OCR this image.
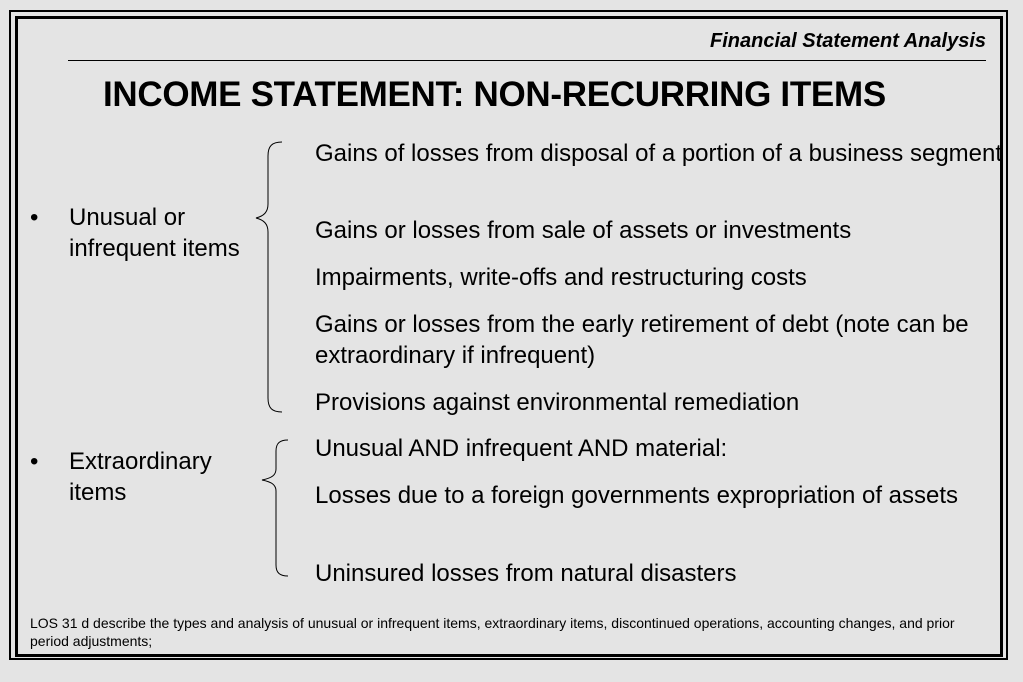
Financial Statement Analysis
INCOME STATEMENT: NON-RECURRING ITEMS
• Unusual or infrequent items
Gains of losses from disposal of a portion of a business segment
Gains or losses from sale of assets or investments
Impairments, write-offs and restructuring costs
Gains or losses from the early retirement of debt (note can be extraordinary if infrequent)
Provisions against environmental remediation
• Extraordinary items
Unusual AND infrequent AND material:
Losses due to a foreign governments expropriation of assets
Uninsured losses from natural disasters
LOS 31 d describe the types and analysis of unusual or infrequent items, extraordinary items, discontinued operations, accounting changes, and prior period adjustments;
